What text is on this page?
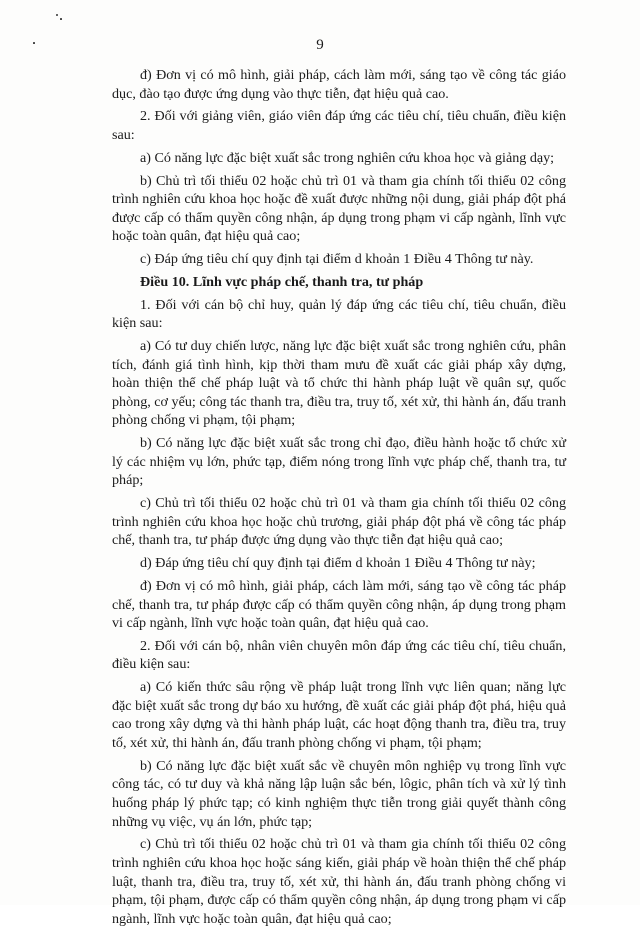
9

đ) Đơn vị có mô hình, giải pháp, cách làm mới, sáng tạo về công tác giáo dục, đào tạo được ứng dụng vào thực tiễn, đạt hiệu quả cao.

2. Đối với giảng viên, giáo viên đáp ứng các tiêu chí, tiêu chuẩn, điều kiện sau:

a) Có năng lực đặc biệt xuất sắc trong nghiên cứu khoa học và giảng dạy;

b) Chủ trì tối thiểu 02 hoặc chủ trì 01 và tham gia chính tối thiểu 02 công trình nghiên cứu khoa học hoặc đề xuất được những nội dung, giải pháp đột phá được cấp có thẩm quyền công nhận, áp dụng trong phạm vi cấp ngành, lĩnh vực hoặc toàn quân, đạt hiệu quả cao;

c) Đáp ứng tiêu chí quy định tại điểm d khoản 1 Điều 4 Thông tư này.

Điều 10. Lĩnh vực pháp chế, thanh tra, tư pháp

1. Đối với cán bộ chỉ huy, quản lý đáp ứng các tiêu chí, tiêu chuẩn, điều kiện sau:

a) Có tư duy chiến lược, năng lực đặc biệt xuất sắc trong nghiên cứu, phân tích, đánh giá tình hình, kịp thời tham mưu đề xuất các giải pháp xây dựng, hoàn thiện thể chế pháp luật và tổ chức thi hành pháp luật về quân sự, quốc phòng, cơ yếu; công tác thanh tra, điều tra, truy tố, xét xử, thi hành án, đấu tranh phòng chống vi phạm, tội phạm;

b) Có năng lực đặc biệt xuất sắc trong chỉ đạo, điều hành hoặc tổ chức xử lý các nhiệm vụ lớn, phức tạp, điểm nóng trong lĩnh vực pháp chế, thanh tra, tư pháp;

c) Chủ trì tối thiểu 02 hoặc chủ trì 01 và tham gia chính tối thiểu 02 công trình nghiên cứu khoa học hoặc chủ trương, giải pháp đột phá về công tác pháp chế, thanh tra, tư pháp được ứng dụng vào thực tiễn đạt hiệu quả cao;

d) Đáp ứng tiêu chí quy định tại điểm d khoản 1 Điều 4 Thông tư này;

đ) Đơn vị có mô hình, giải pháp, cách làm mới, sáng tạo về công tác pháp chế, thanh tra, tư pháp được cấp có thẩm quyền công nhận, áp dụng trong phạm vi cấp ngành, lĩnh vực hoặc toàn quân, đạt hiệu quả cao.

2. Đối với cán bộ, nhân viên chuyên môn đáp ứng các tiêu chí, tiêu chuẩn, điều kiện sau:

a) Có kiến thức sâu rộng về pháp luật trong lĩnh vực liên quan; năng lực đặc biệt xuất sắc trong dự báo xu hướng, đề xuất các giải pháp đột phá, hiệu quả cao trong xây dựng và thi hành pháp luật, các hoạt động thanh tra, điều tra, truy tố, xét xử, thi hành án, đấu tranh phòng chống vi phạm, tội phạm;

b) Có năng lực đặc biệt xuất sắc về chuyên môn nghiệp vụ trong lĩnh vực công tác, có tư duy và khả năng lập luận sắc bén, lôgic, phân tích và xử lý tình huống pháp lý phức tạp; có kinh nghiệm thực tiễn trong giải quyết thành công những vụ việc, vụ án lớn, phức tạp;

c) Chủ trì tối thiểu 02 hoặc chủ trì 01 và tham gia chính tối thiểu 02 công trình nghiên cứu khoa học hoặc sáng kiến, giải pháp về hoàn thiện thể chế pháp luật, thanh tra, điều tra, truy tố, xét xử, thi hành án, đấu tranh phòng chống vi phạm, tội phạm, được cấp có thẩm quyền công nhận, áp dụng trong phạm vi cấp ngành, lĩnh vực hoặc toàn quân, đạt hiệu quả cao;
